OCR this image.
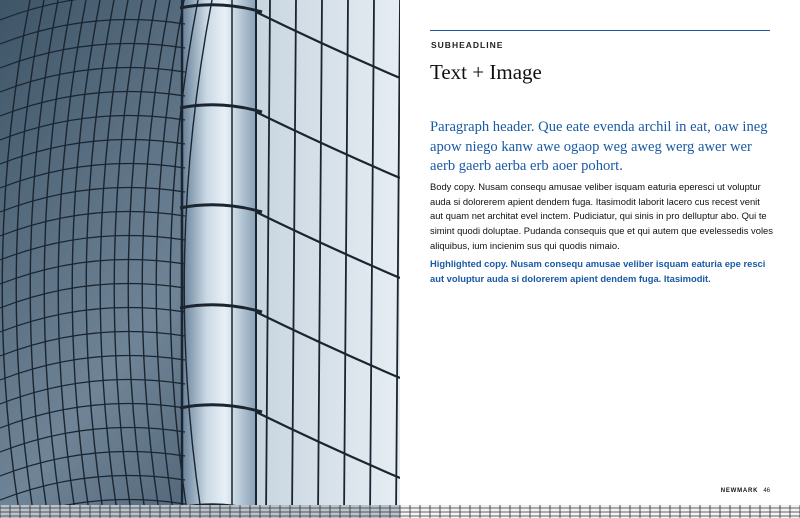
SUBHEADLINE
Text + Image
Paragraph header. Que eate evenda archil in eat, oaw ineg apow niego kanw awe ogaop weg aweg werg awer wer aerb gaerb aerba erb aoer pohort.
Body copy. Nusam consequ amusae veliber isquam eaturia eperesci ut voluptur auda si dolorerem apient dendem fuga. Itasimodit laborit lacero cus recest venit aut quam net architat evel inctem. Pudiciatur, qui sinis in pro delluptur abo. Qui te simint quodi doluptae. Pudanda consequis que et qui autem que evelessedis voles aliquibus, ium incienim sus qui quodis nimaio.
Highlighted copy. Nusam consequ amusae veliber isquam eaturia epe resci aut voluptur auda si dolorerem apient dendem fuga. Itasimodit.
NEWMARK 46
